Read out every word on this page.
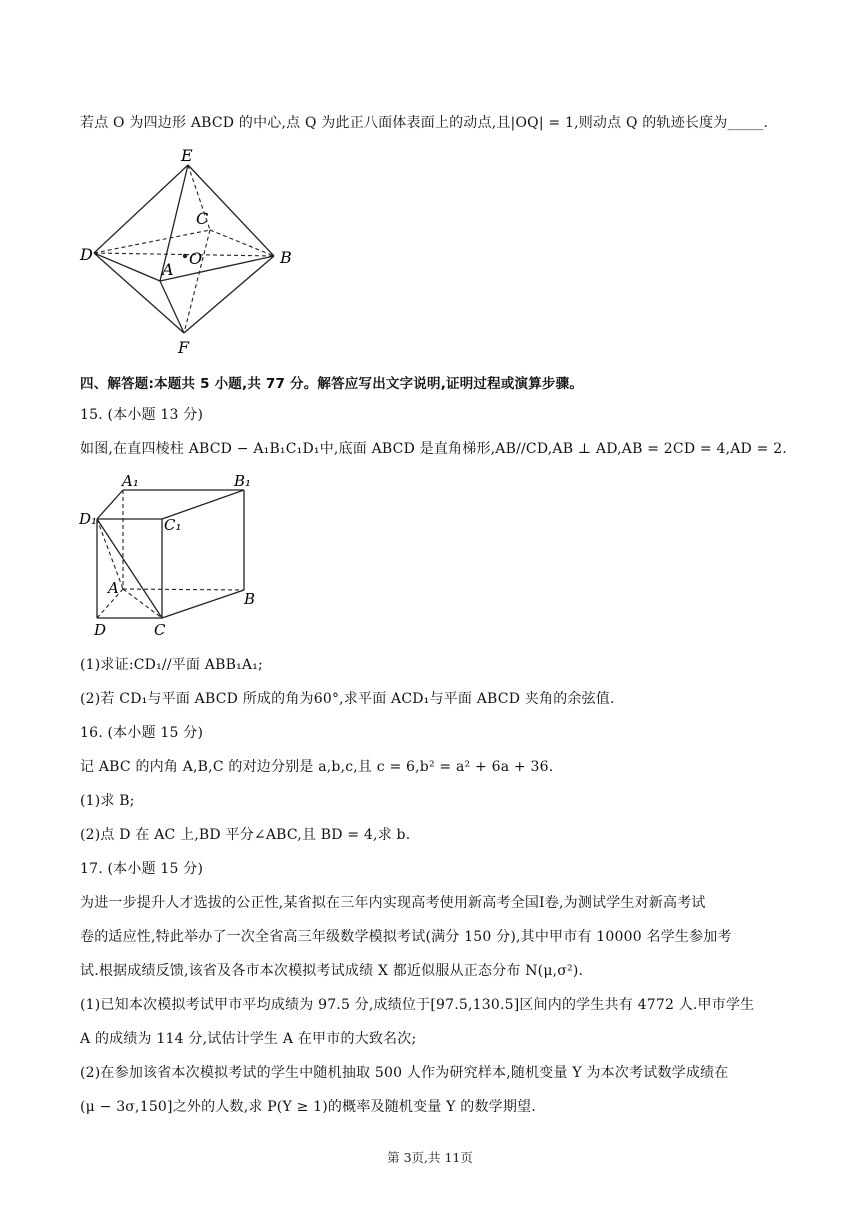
若点 O 为四边形 ABCD 的中心,点 Q 为此正八面体表面上的动点,且|OQ| = 1,则动点 Q 的轨迹长度为_____.
E
C
D	O
A
B
F
四、解答题:本题共 5 小题,共 77 分。解答应写出文字说明,证明过程或演算步骤。
15. (本小题 13 分)
如图,在直四棱柱 ABCD − A₁B₁C₁D₁中,底面 ABCD 是直角梯形,AB//CD,AB ⊥ AD,AB = 2CD = 4,AD = 2.
A₁	B₁
D₁	C₁
A
B
D	C
(1)求证:CD₁//平面 ABB₁A₁;
(2)若 CD₁与平面 ABCD 所成的角为60°,求平面 ACD₁与平面 ABCD 夹角的余弦值.
16. (本小题 15 分)
记 ABC 的内角 A,B,C 的对边分别是 a,b,c,且 c = 6,b² = a² + 6a + 36.
(1)求 B;
(2)点 D 在 AC 上,BD 平分∠ABC,且 BD = 4,求 b.
17. (本小题 15 分)
为进一步提升人才选拔的公正性,某省拟在三年内实现高考使用新高考全国Ⅰ卷,为测试学生对新高考试
卷的适应性,特此举办了一次全省高三年级数学模拟考试(满分 150 分),其中甲市有 10000 名学生参加考
试.根据成绩反馈,该省及各市本次模拟考试成绩 X 都近似服从正态分布 N(μ,σ²).
(1)已知本次模拟考试甲市平均成绩为 97.5 分,成绩位于[97.5,130.5]区间内的学生共有 4772 人.甲市学生
A 的成绩为 114 分,试估计学生 A 在甲市的大致名次;
(2)在参加该省本次模拟考试的学生中随机抽取 500 人作为研究样本,随机变量 Y 为本次考试数学成绩在
(μ − 3σ,150]之外的人数,求 P(Y ≥ 1)的概率及随机变量 Y 的数学期望.
第 3页,共 11页
